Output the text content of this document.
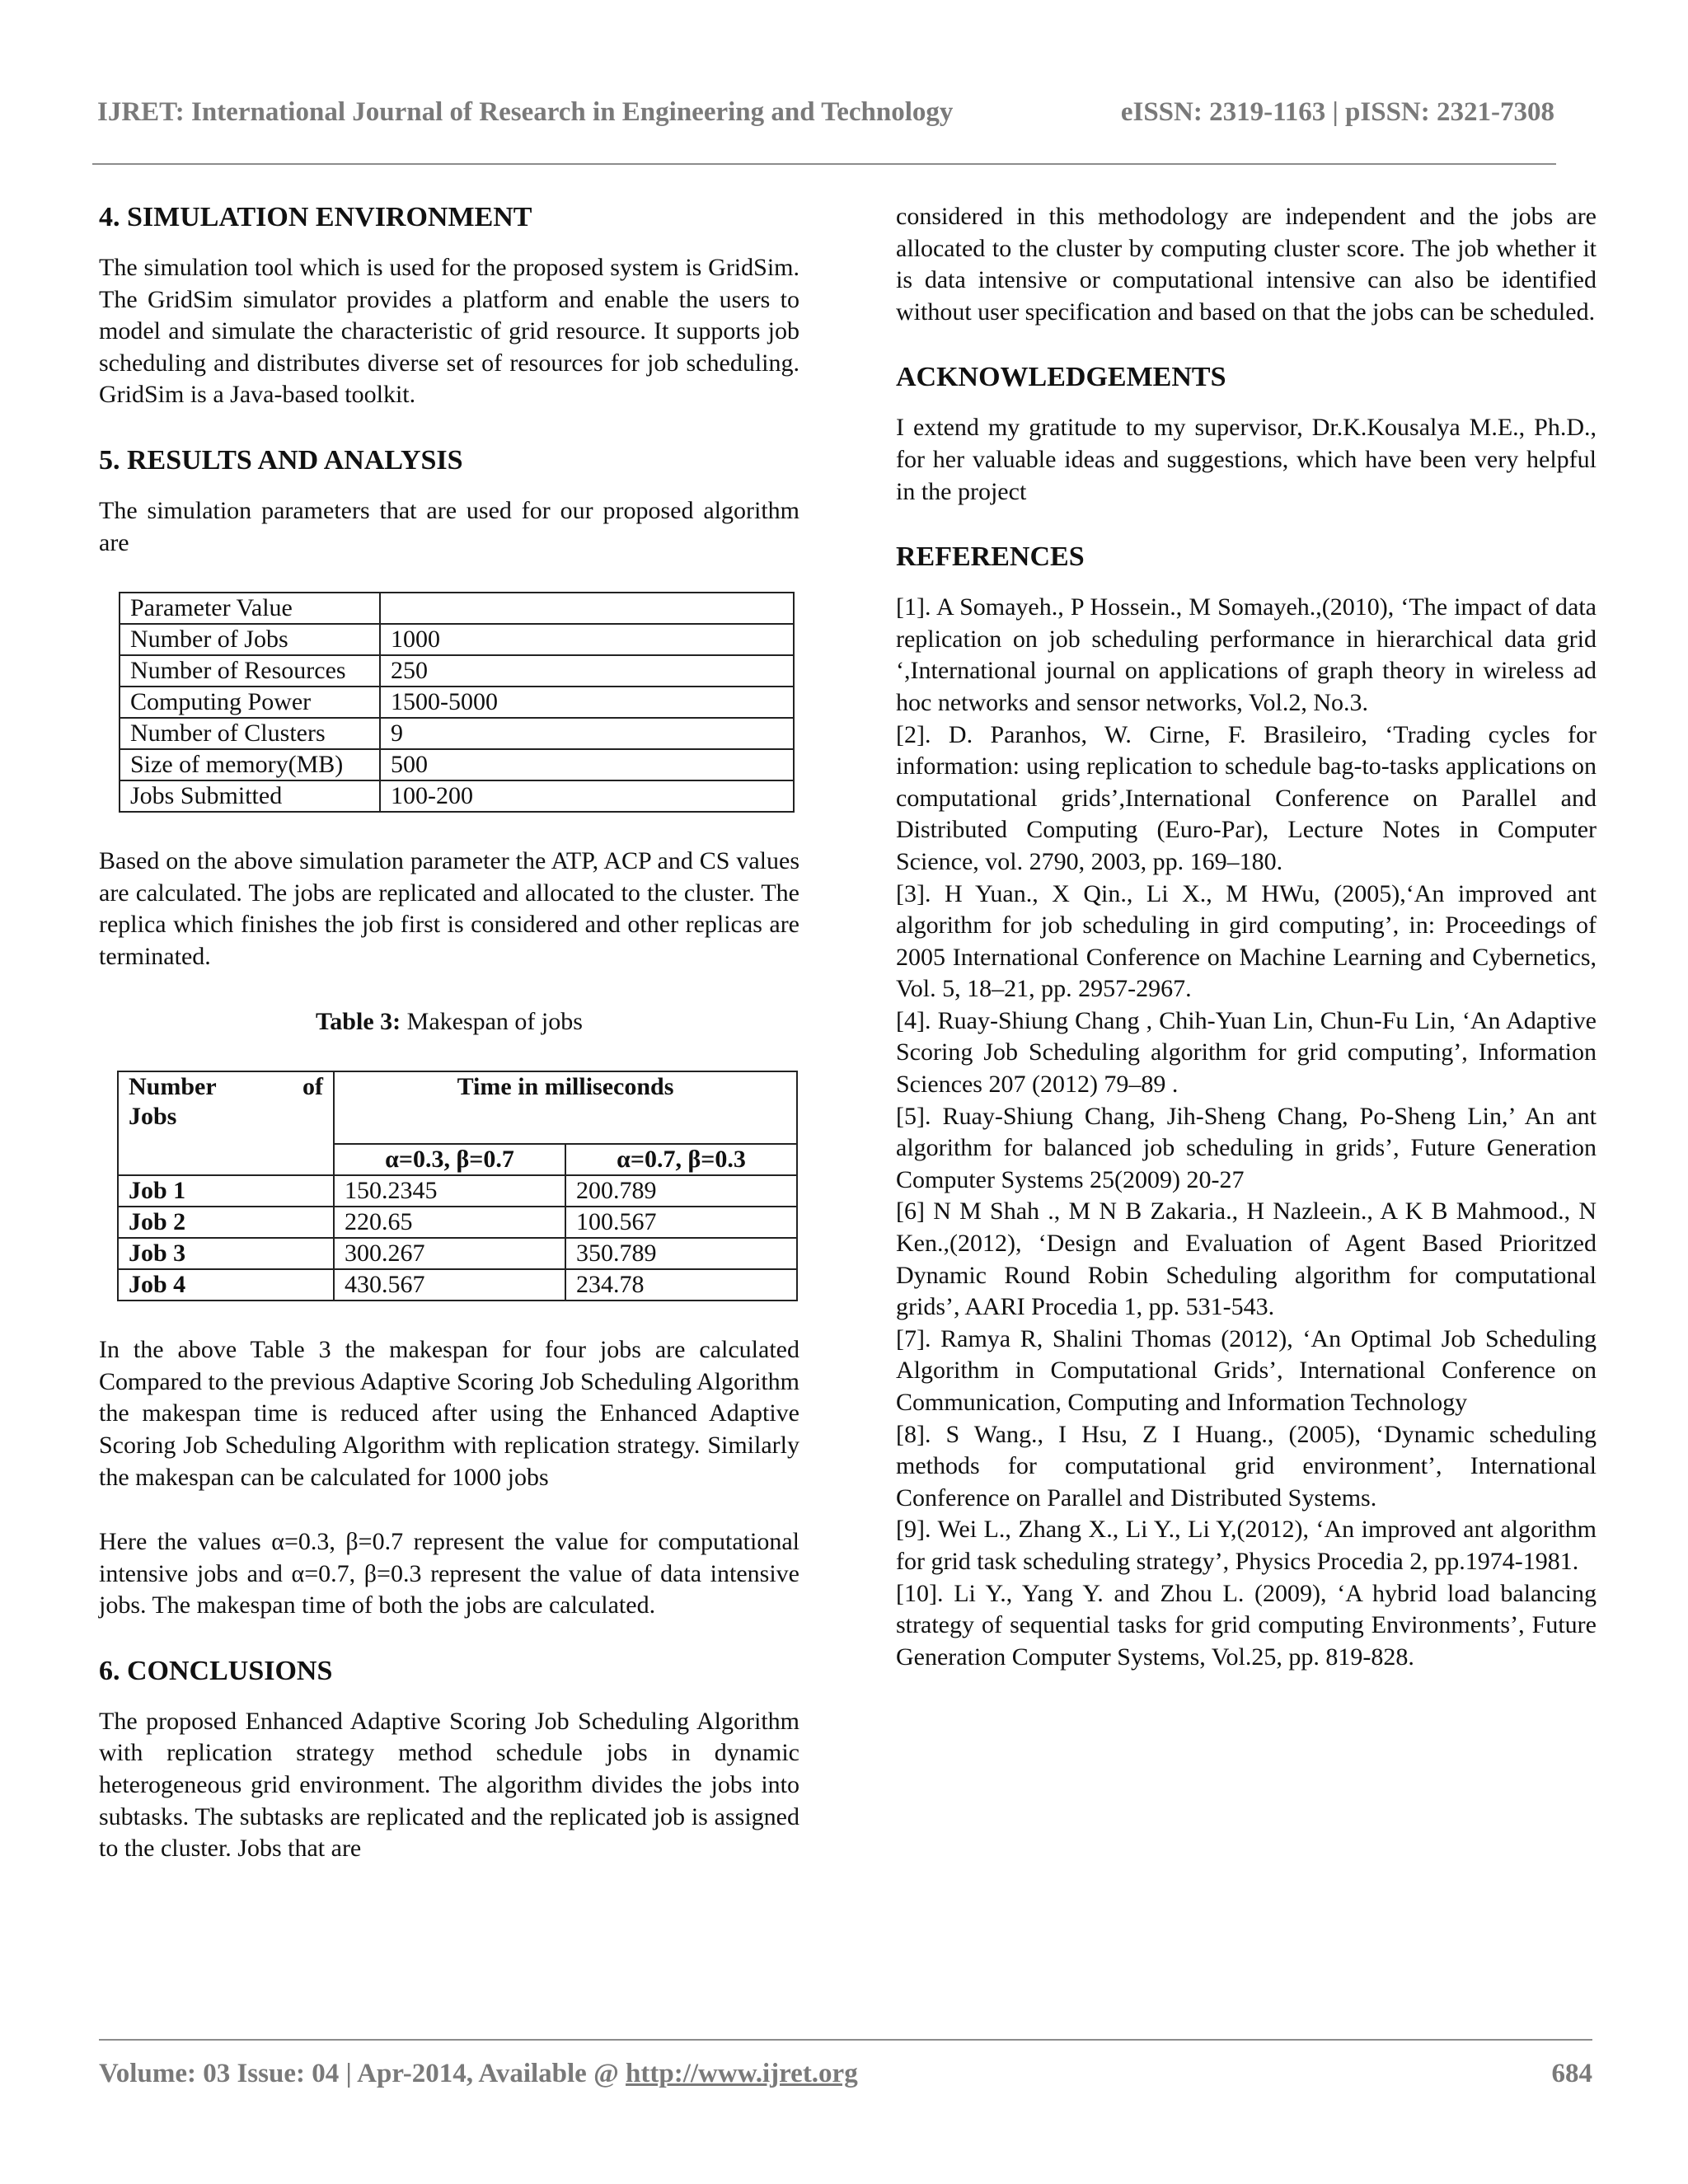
IJRET: International Journal of Research in Engineering and Technology	eISSN: 2319-1163 | pISSN: 2321-7308
4. SIMULATION ENVIRONMENT

The simulation tool which is used for the proposed system is GridSim. The GridSim simulator provides a platform and enable the users to model and simulate the characteristic of grid resource. It supports job scheduling and distributes diverse set of resources for job scheduling. GridSim is a Java-based toolkit.

5. RESULTS AND ANALYSIS

The simulation parameters that are used for our proposed algorithm are

Parameter Value	
Number of Jobs	1000
Number of Resources	250
Computing Power	1500-5000
Number of Clusters	9
Size of memory(MB)	500
Jobs Submitted	100-200

Based on the above simulation parameter the ATP, ACP and CS values are calculated. The jobs are replicated and allocated to the cluster. The replica which finishes the job first is considered and other replicas are terminated.

Table 3: Makespan of jobs
Number of
Jobs	Time in milliseconds	
	α=0.3, β=0.7	α=0.7, β=0.3
Job 1	150.2345	200.789
Job 2	220.65	100.567
Job 3	300.267	350.789
Job 4	430.567	234.78

In the above Table 3 the makespan for four jobs are calculated Compared to the previous Adaptive Scoring Job Scheduling Algorithm the makespan time is reduced after using the Enhanced Adaptive Scoring Job Scheduling Algorithm with replication strategy. Similarly the makespan can be calculated for 1000 jobs

Here the values α=0.3, β=0.7 represent the value for computational intensive jobs and α=0.7, β=0.3 represent the value of data intensive jobs. The makespan time of both the jobs are calculated.

6. CONCLUSIONS

The proposed Enhanced Adaptive Scoring Job Scheduling Algorithm with replication strategy method schedule jobs in dynamic heterogeneous grid environment. The algorithm divides the jobs into subtasks. The subtasks are replicated and the replicated job is assigned to the cluster. Jobs that are

considered in this methodology are independent and the jobs are allocated to the cluster by computing cluster score. The job whether it is data intensive or computational intensive can also be identified without user specification and based on that the jobs can be scheduled.

ACKNOWLEDGEMENTS

I extend my gratitude to my supervisor, Dr.K.Kousalya M.E., Ph.D., for her valuable ideas and suggestions, which have been very helpful in the project

REFERENCES

[1]. A Somayeh., P Hossein., M Somayeh.,(2010), ‘The impact of data replication on job scheduling performance in hierarchical data grid ‘,International journal on applications of graph theory in wireless ad hoc networks and sensor networks, Vol.2, No.3.

[2]. D. Paranhos, W. Cirne, F. Brasileiro, ‘Trading cycles for information: using replication to schedule bag-to-tasks applications on computational grids’,International Conference on Parallel and Distributed Computing (Euro-Par), Lecture Notes in Computer Science, vol. 2790, 2003, pp. 169–180.

[3]. H Yuan., X Qin., Li X., M HWu, (2005),‘An improved ant algorithm for job scheduling in gird computing’, in: Proceedings of 2005 International Conference on Machine Learning and Cybernetics, Vol. 5, 18–21, pp. 2957-2967.

[4]. Ruay-Shiung Chang , Chih-Yuan Lin, Chun-Fu Lin, ‘An Adaptive Scoring Job Scheduling algorithm for grid computing’, Information Sciences 207 (2012) 79–89 .

[5]. Ruay-Shiung Chang, Jih-Sheng Chang, Po-Sheng Lin,’ An ant algorithm for balanced job scheduling in grids’, Future Generation Computer Systems 25(2009) 20-27

[6] N M Shah ., M N B Zakaria., H Nazleein., A K B Mahmood., N Ken.,(2012), ‘Design and Evaluation of Agent Based Prioritzed Dynamic Round Robin Scheduling algorithm for computational grids’, AARI Procedia 1, pp. 531-543.

[7]. Ramya R, Shalini Thomas (2012), ‘An Optimal Job Scheduling Algorithm in Computational Grids’, International Conference on Communication, Computing and Information Technology

[8]. S Wang., I Hsu, Z I Huang., (2005), ‘Dynamic scheduling methods for computational grid environment’, International Conference on Parallel and Distributed Systems.

[9]. Wei L., Zhang X., Li Y., Li Y,(2012), ‘An improved ant algorithm for grid task scheduling strategy’, Physics Procedia 2, pp.1974-1981.

[10]. Li Y., Yang Y. and Zhou L. (2009), ‘A hybrid load balancing strategy of sequential tasks for grid computing Environments’, Future Generation Computer Systems, Vol.25, pp. 819-828.

Volume: 03 Issue: 04 | Apr-2014, Available @ http://www.ijret.org	684
